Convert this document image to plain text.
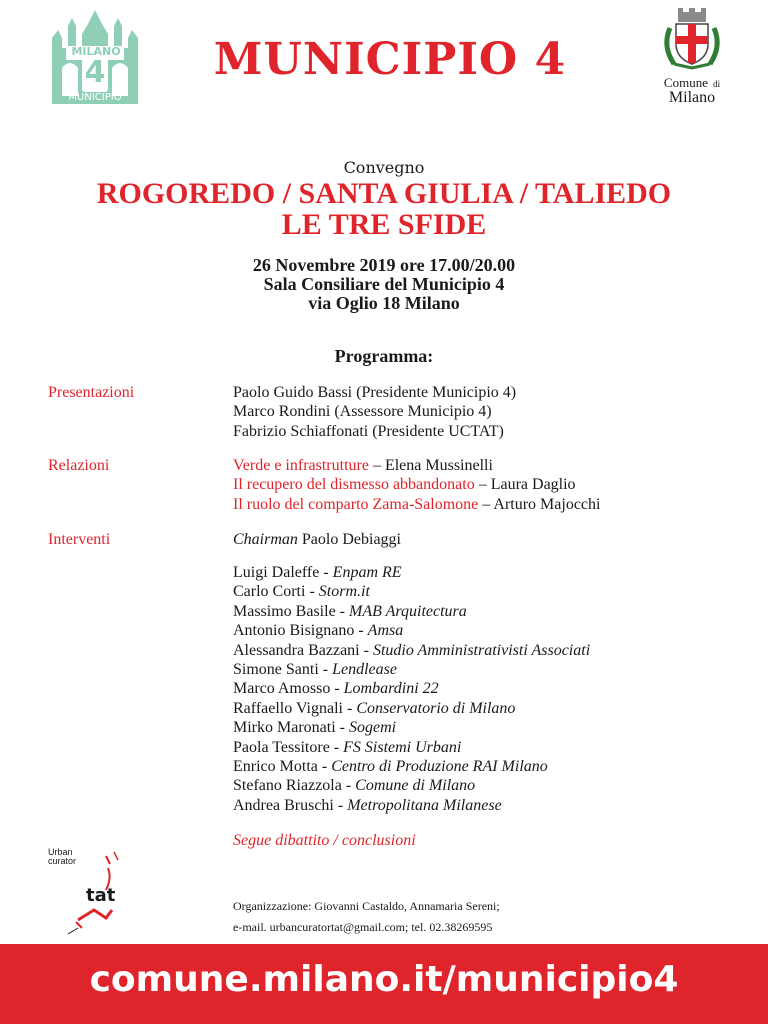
MILANO
4
MUNICIPIO
MUNICIPIO 4	Comune di
Milano
Convegno
ROGOREDO / SANTA GIULIA / TALIEDO
LE TRE SFIDE
26 Novembre 2019 ore 17.00/20.00
Sala Consiliare del Municipio 4
via Oglio 18 Milano
Programma:
Presentazioni	Paolo Guido Bassi (Presidente Municipio 4)
Marco Rondini (Assessore Municipio 4)
Fabrizio Schiaffonati (Presidente UCTAT)
Relazioni	Verde e infrastrutture – Elena Mussinelli
Il recupero del dismesso abbandonato – Laura Daglio
Il ruolo del comparto Zama-Salomone – Arturo Majocchi
Interventi	Chairman Paolo Debiaggi
Luigi Daleffe - Enpam RE
Carlo Corti - Storm.it
Massimo Basile - MAB Arquitectura
Antonio Bisignano - Amsa
Alessandra Bazzani - Studio Amministrativisti Associati
Simone Santi - Lendlease
Marco Amosso - Lombardini 22
Raffaello Vignali - Conservatorio di Milano
Mirko Maronati - Sogemi
Paola Tessitore - FS Sistemi Urbani
Enrico Motta - Centro di Produzione RAI Milano
Stefano Riazzola - Comune di Milano
Andrea Bruschi - Metropolitana Milanese
Segue dibattito / conclusioni
Urban
curator
tat	Organizzazione: Giovanni Castaldo, Annamaria Sereni;
e-mail. urbancuratortat@gmail.com; tel. 02.38269595
comune.milano.it/municipio4
